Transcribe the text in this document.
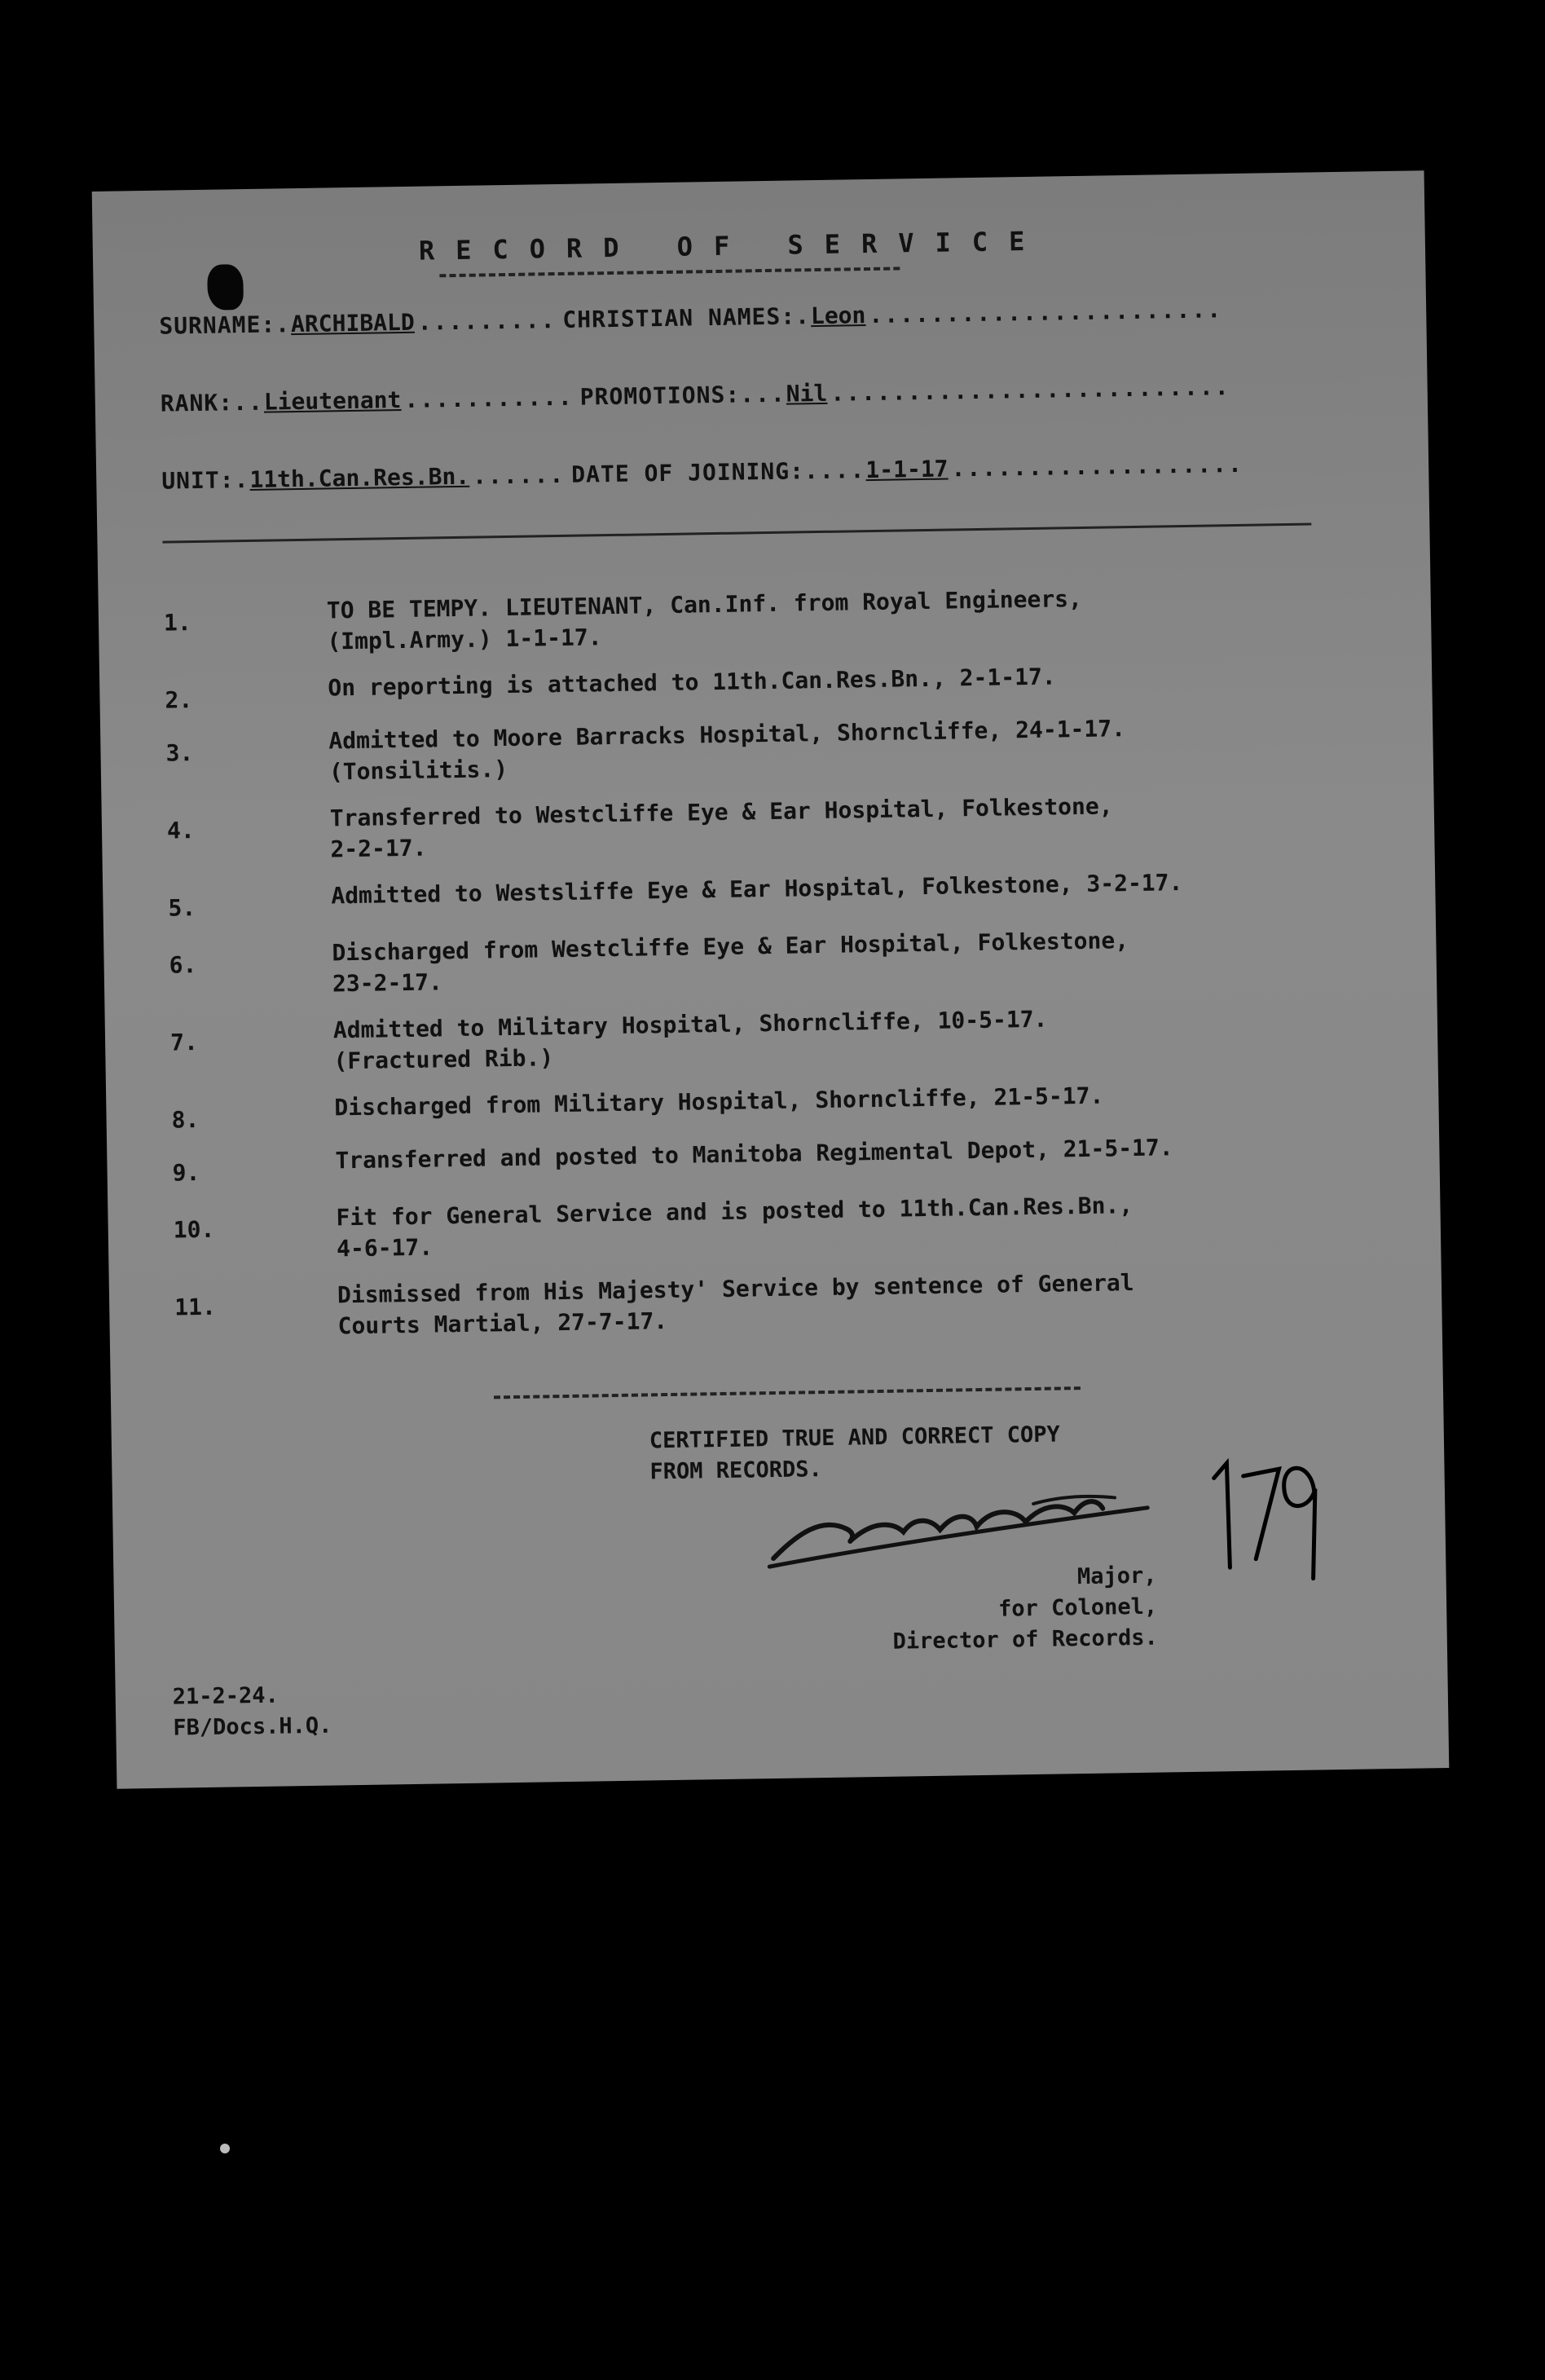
RECORD OF SERVICE
SURNAME:.ARCHIBALD ......... CHRISTIAN NAMES:.Leon .......................
RANK:..Lieutenant ........... PROMOTIONS:...Nil ..........................
UNIT:.11th.Can.Res.Bn. ...... DATE OF JOINING:....1-1-17 ...................
1.	TO BE TEMPY. LIEUTENANT, Can.Inf. from Royal Engineers,
(Impl.Army.) 1-1-17.
2.	On reporting is attached to 11th.Can.Res.Bn., 2-1-17.
3.	Admitted to Moore Barracks Hospital, Shorncliffe, 24-1-17.
(Tonsilitis.)
4.	Transferred to Westcliffe Eye & Ear Hospital, Folkestone,
2-2-17.
5.	Admitted to Westsliffe Eye & Ear Hospital, Folkestone, 3-2-17.
6.	Discharged from Westcliffe Eye & Ear Hospital, Folkestone,
23-2-17.
7.	Admitted to Military Hospital, Shorncliffe, 10-5-17.
(Fractured Rib.)
8.	Discharged from Military Hospital, Shorncliffe, 21-5-17.
9.	Transferred and posted to Manitoba Regimental Depot, 21-5-17.
10.	Fit for General Service and is posted to 11th.Can.Res.Bn.,
4-6-17.
11.	Dismissed from His Majesty' Service by sentence of General
Courts Martial, 27-7-17.
CERTIFIED TRUE AND CORRECT COPY
FROM RECORDS.
Major,
for Colonel,
Director of Records.
21-2-24.
FB/Docs.H.Q.
